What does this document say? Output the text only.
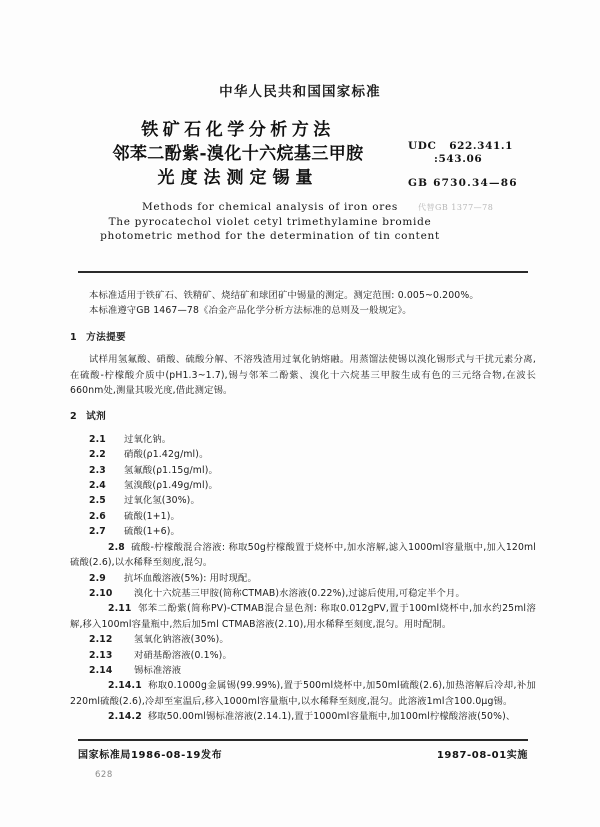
中华人民共和国国家标准
铁矿石化学分析方法
邻苯二酚紫-溴化十六烷基三甲胺
光度法测定锡量
UDC 622.341.1
:543.06
GB 6730.34—86
代替GB 1377—78
Methods for chemical analysis of iron ores
The pyrocatechol violet cetyl trimethylamine bromide
photometric method for the determination of tin content

本标准适用于铁矿石、铁精矿、烧结矿和球团矿中锡量的测定。测定范围: 0.005~0.200%。

本标准遵守GB 1467—78《冶金产品化学分析方法标准的总则及一般规定》。

1 方法提要

试样用氢氟酸、硝酸、硫酸分解、不溶残渣用过氧化钠熔融。用蒸馏法使锡以溴化锡形式与干扰元素分离,在硫酸-柠檬酸介质中(pH1.3~1.7),锡与邻苯二酚紫、溴化十六烷基三甲胺生成有色的三元络合物,在波长660nm处,测量其吸光度,借此测定锡。

2 试剂

2.1 过氧化钠。

2.2 硝酸(ρ1.42g/ml)。

2.3 氢氟酸(ρ1.15g/ml)。

2.4 氢溴酸(ρ1.49g/ml)。

2.5 过氧化氢(30%)。

2.6 硫酸(1+1)。

2.7 硫酸(1+6)。

2.8 硫酸-柠檬酸混合溶液: 称取50g柠檬酸置于烧杯中,加水溶解,滤入1000ml容量瓶中,加入120ml硫酸(2.6),以水稀释至刻度,混匀。

2.9 抗坏血酸溶液(5%): 用时现配。

2.10 溴化十六烷基三甲胺(简称CTMAB)水溶液(0.22%),过滤后使用,可稳定半个月。

2.11 邻苯二酚紫(简称PV)-CTMAB混合显色剂: 称取0.012gPV,置于100ml烧杯中,加水约25ml溶解,移入100ml容量瓶中,然后加5ml CTMAB溶液(2.10),用水稀释至刻度,混匀。用时配制。

2.12 氢氧化钠溶液(30%)。

2.13 对硝基酚溶液(0.1%)。

2.14 锡标准溶液

2.14.1 称取0.1000g金属锡(99.99%),置于500ml烧杯中,加50ml硫酸(2.6),加热溶解后冷却,补加220ml硫酸(2.6),冷却至室温后,移入1000ml容量瓶中,以水稀释至刻度,混匀。此溶液1ml含100.0μg锡。

2.14.2 移取50.00ml锡标准溶液(2.14.1),置于1000ml容量瓶中,加100ml柠檬酸溶液(50%)、

国家标准局1986-08-19发布	1987-08-01实施
628
